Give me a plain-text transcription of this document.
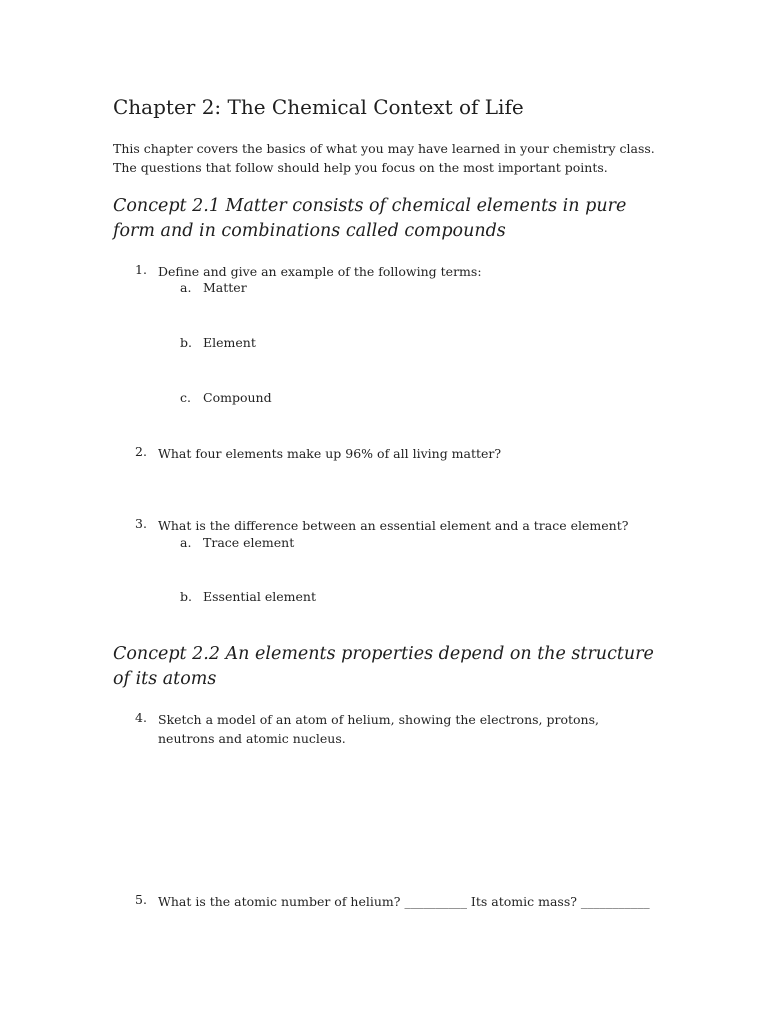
Chapter 2: The Chemical Context of Life
This chapter covers the basics of what you may have learned in your chemistry class. The questions that follow should help you focus on the most important points.
Concept 2.1 Matter consists of chemical elements in pure form and in combinations called compounds
1. Define and give an example of the following terms:
a. Matter
b. Element
c. Compound
2. What four elements make up 96% of all living matter?
3. What is the difference between an essential element and a trace element?
a. Trace element
b. Essential element
Concept 2.2 An elements properties depend on the structure of its atoms
4. Sketch a model of an atom of helium, showing the electrons, protons, neutrons and atomic nucleus.
5. What is the atomic number of helium? __________ Its atomic mass? ___________
